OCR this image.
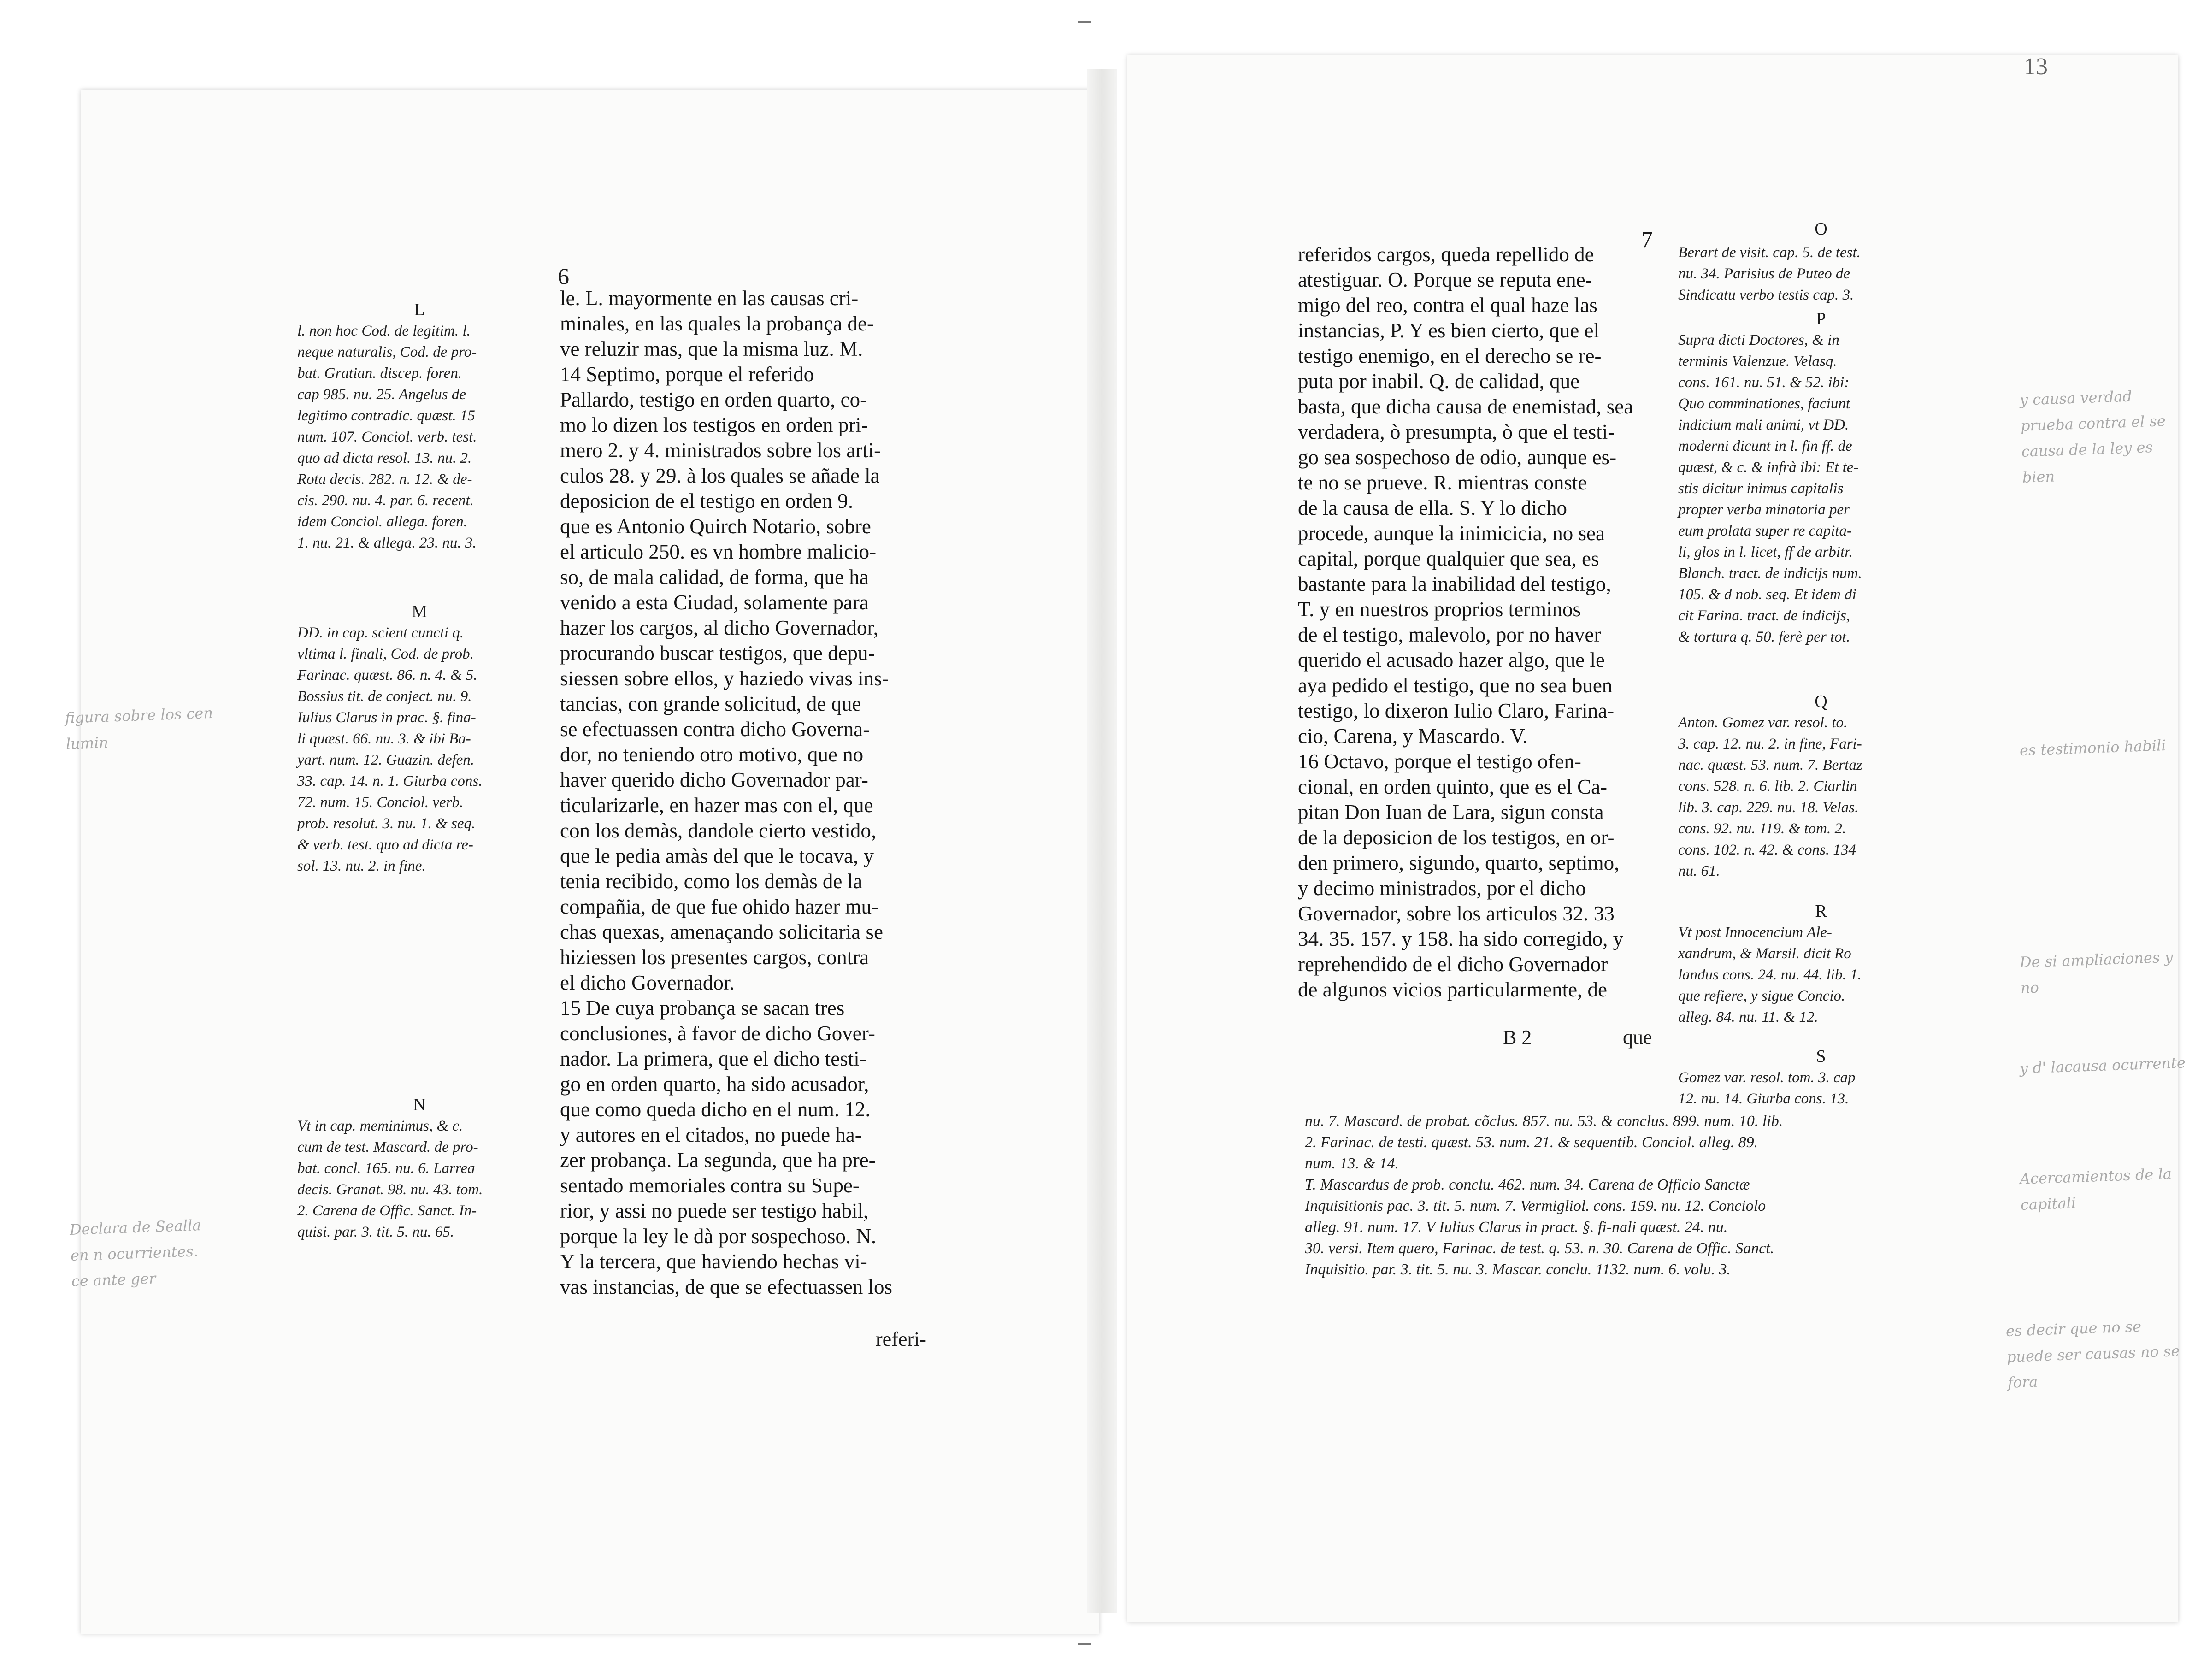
6
L
l. non hoc Cod. de legitim. l.
neque naturalis, Cod. de pro-
bat. Gratian. discep. foren.
cap 985. nu. 25. Angelus de
legitimo contradic. quæst. 15
num. 107. Conciol. verb. test.
quo ad dicta resol. 13. nu. 2.
Rota decis. 282. n. 12. & de-
cis. 290. nu. 4. par. 6. recent.
idem Conciol. allega. foren.
1. nu. 21. & allega. 23. nu. 3.
M
DD. in cap. scient cuncti q.
vltima l. finali, Cod. de prob.
Farinac. quæst. 86. n. 4. & 5.
Bossius tit. de conject. nu. 9.
Iulius Clarus in prac. §. fina-
li quæst. 66. nu. 3. & ibi Ba-
yart. num. 12. Guazin. defen.
33. cap. 14. n. 1. Giurba cons.
72. num. 15. Conciol. verb.
prob. resolut. 3. nu. 1. & seq.
& verb. test. quo ad dicta re-
sol. 13. nu. 2. in fine.
N
Vt in cap. meminimus, & c.
cum de test. Mascard. de pro-
bat. concl. 165. nu. 6. Larrea
decis. Granat. 98. nu. 43. tom.
2. Carena de Offic. Sanct. In-
quisi. par. 3. tit. 5. nu. 65.
le. L. mayormente en las causas cri-
minales, en las quales la probança de-
ve reluzir mas, que la misma luz. M.
14 Septimo, porque el referido
Pallardo, testigo en orden quarto, co-
mo lo dizen los testigos en orden pri-
mero 2. y 4. ministrados sobre los arti-
culos 28. y 29. à los quales se añade la
deposicion de el testigo en orden 9.
que es Antonio Quirch Notario, sobre
el articulo 250. es vn hombre malicio-
so, de mala calidad, de forma, que ha
venido a esta Ciudad, solamente para
hazer los cargos, al dicho Governador,
procurando buscar testigos, que depu-
siessen sobre ellos, y haziedo vivas ins-
tancias, con grande solicitud, de que
se efectuassen contra dicho Governa-
dor, no teniendo otro motivo, que no
haver querido dicho Governador par-
ticularizarle, en hazer mas con el, que
con los demàs, dandole cierto vestido,
que le pedia amàs del que le tocava, y
tenia recibido, como los demàs de la
compañia, de que fue ohido hazer mu-
chas quexas, amenaçando solicitaria se
hiziessen los presentes cargos, contra
el dicho Governador.
15 De cuya probança se sacan tres
conclusiones, à favor de dicho Gover-
nador. La primera, que el dicho testi-
go en orden quarto, ha sido acusador,
que como queda dicho en el num. 12.
y autores en el citados, no puede ha-
zer probança. La segunda, que ha pre-
sentado memoriales contra su Supe-
rior, y assi no puede ser testigo habil,
porque la ley le dà por sospechoso. N.
Y la tercera, que haviendo hechas vi-
vas instancias, de que se efectuassen los
referi-
figura sobre los cen
lumin
Declara de Sealla
en n ocurrientes.
ce ante ger
13
7
referidos cargos, queda repellido de
atestiguar. O. Porque se reputa ene-
migo del reo, contra el qual haze las
instancias, P. Y es bien cierto, que el
testigo enemigo, en el derecho se re-
puta por inabil. Q. de calidad, que
basta, que dicha causa de enemistad, sea
verdadera, ò presumpta, ò que el testi-
go sea sospechoso de odio, aunque es-
te no se prueve. R. mientras conste
de la causa de ella. S. Y lo dicho
procede, aunque la inimicicia, no sea
capital, porque qualquier que sea, es
bastante para la inabilidad del testigo,
T. y en nuestros proprios terminos
de el testigo, malevolo, por no haver
querido el acusado hazer algo, que le
aya pedido el testigo, que no sea buen
testigo, lo dixeron Iulio Claro, Farina-
cio, Carena, y Mascardo. V.
16 Octavo, porque el testigo ofen-
cional, en orden quinto, que es el Ca-
pitan Don Iuan de Lara, sigun consta
de la deposicion de los testigos, en or-
den primero, sigundo, quarto, septimo,
y decimo ministrados, por el dicho
Governador, sobre los articulos 32. 33
34. 35. 157. y 158. ha sido corregido, y
reprehendido de el dicho Governador
de algunos vicios particularmente, de
B 2	que
O
Berart de visit. cap. 5. de test.
nu. 34. Parisius de Puteo de
Sindicatu verbo testis cap. 3.
P
Supra dicti Doctores, & in
terminis Valenzue. Velasq.
cons. 161. nu. 51. & 52. ibi:
Quo comminationes, faciunt
indicium mali animi, vt DD.
moderni dicunt in l. fin ff. de
quæst, & c. & infrà ibi: Et te-
stis dicitur inimus capitalis
propter verba minatoria per
eum prolata super re capita-
li, glos in l. licet, ff de arbitr.
Blanch. tract. de indicijs num.
105. & d nob. seq. Et idem di
cit Farina. tract. de indicijs,
& tortura q. 50. ferè per tot.
Q
Anton. Gomez var. resol. to.
3. cap. 12. nu. 2. in fine, Fari-
nac. quæst. 53. num. 7. Bertaz
cons. 528. n. 6. lib. 2. Ciarlin
lib. 3. cap. 229. nu. 18. Velas.
cons. 92. nu. 119. & tom. 2.
cons. 102. n. 42. & cons. 134
nu. 61.
R
Vt post Innocencium Ale-
xandrum, & Marsil. dicit Ro
landus cons. 24. nu. 44. lib. 1.
que refiere, y sigue Concio.
alleg. 84. nu. 11. & 12.
S
Gomez var. resol. tom. 3. cap
12. nu. 14. Giurba cons. 13.
nu. 7. Mascard. de probat. cõclus. 857. nu. 53. & conclus. 899. num. 10. lib.
2. Farinac. de testi. quæst. 53. num. 21. & sequentib. Conciol. alleg. 89.
num. 13. & 14.
T. Mascardus de prob. conclu. 462. num. 34. Carena de Officio Sanctæ
Inquisitionis pac. 3. tit. 5. num. 7. Vermigliol. cons. 159. nu. 12. Conciolo
alleg. 91. num. 17. V Iulius Clarus in pract. §. fi-nali quæst. 24. nu.
30. versi. Item quero, Farinac. de test. q. 53. n. 30. Carena de Offic. Sanct.
Inquisitio. par. 3. tit. 5. nu. 3. Mascar. conclu. 1132. num. 6. volu. 3.
y causa verdad
prueba contra el se
causa de la ley es
bien
es testimonio habili
De si ampliaciones y
no
y d' lacausa ocurrente
Acercamientos de la
capitali
es decir que no se
puede ser causas no se
fora
